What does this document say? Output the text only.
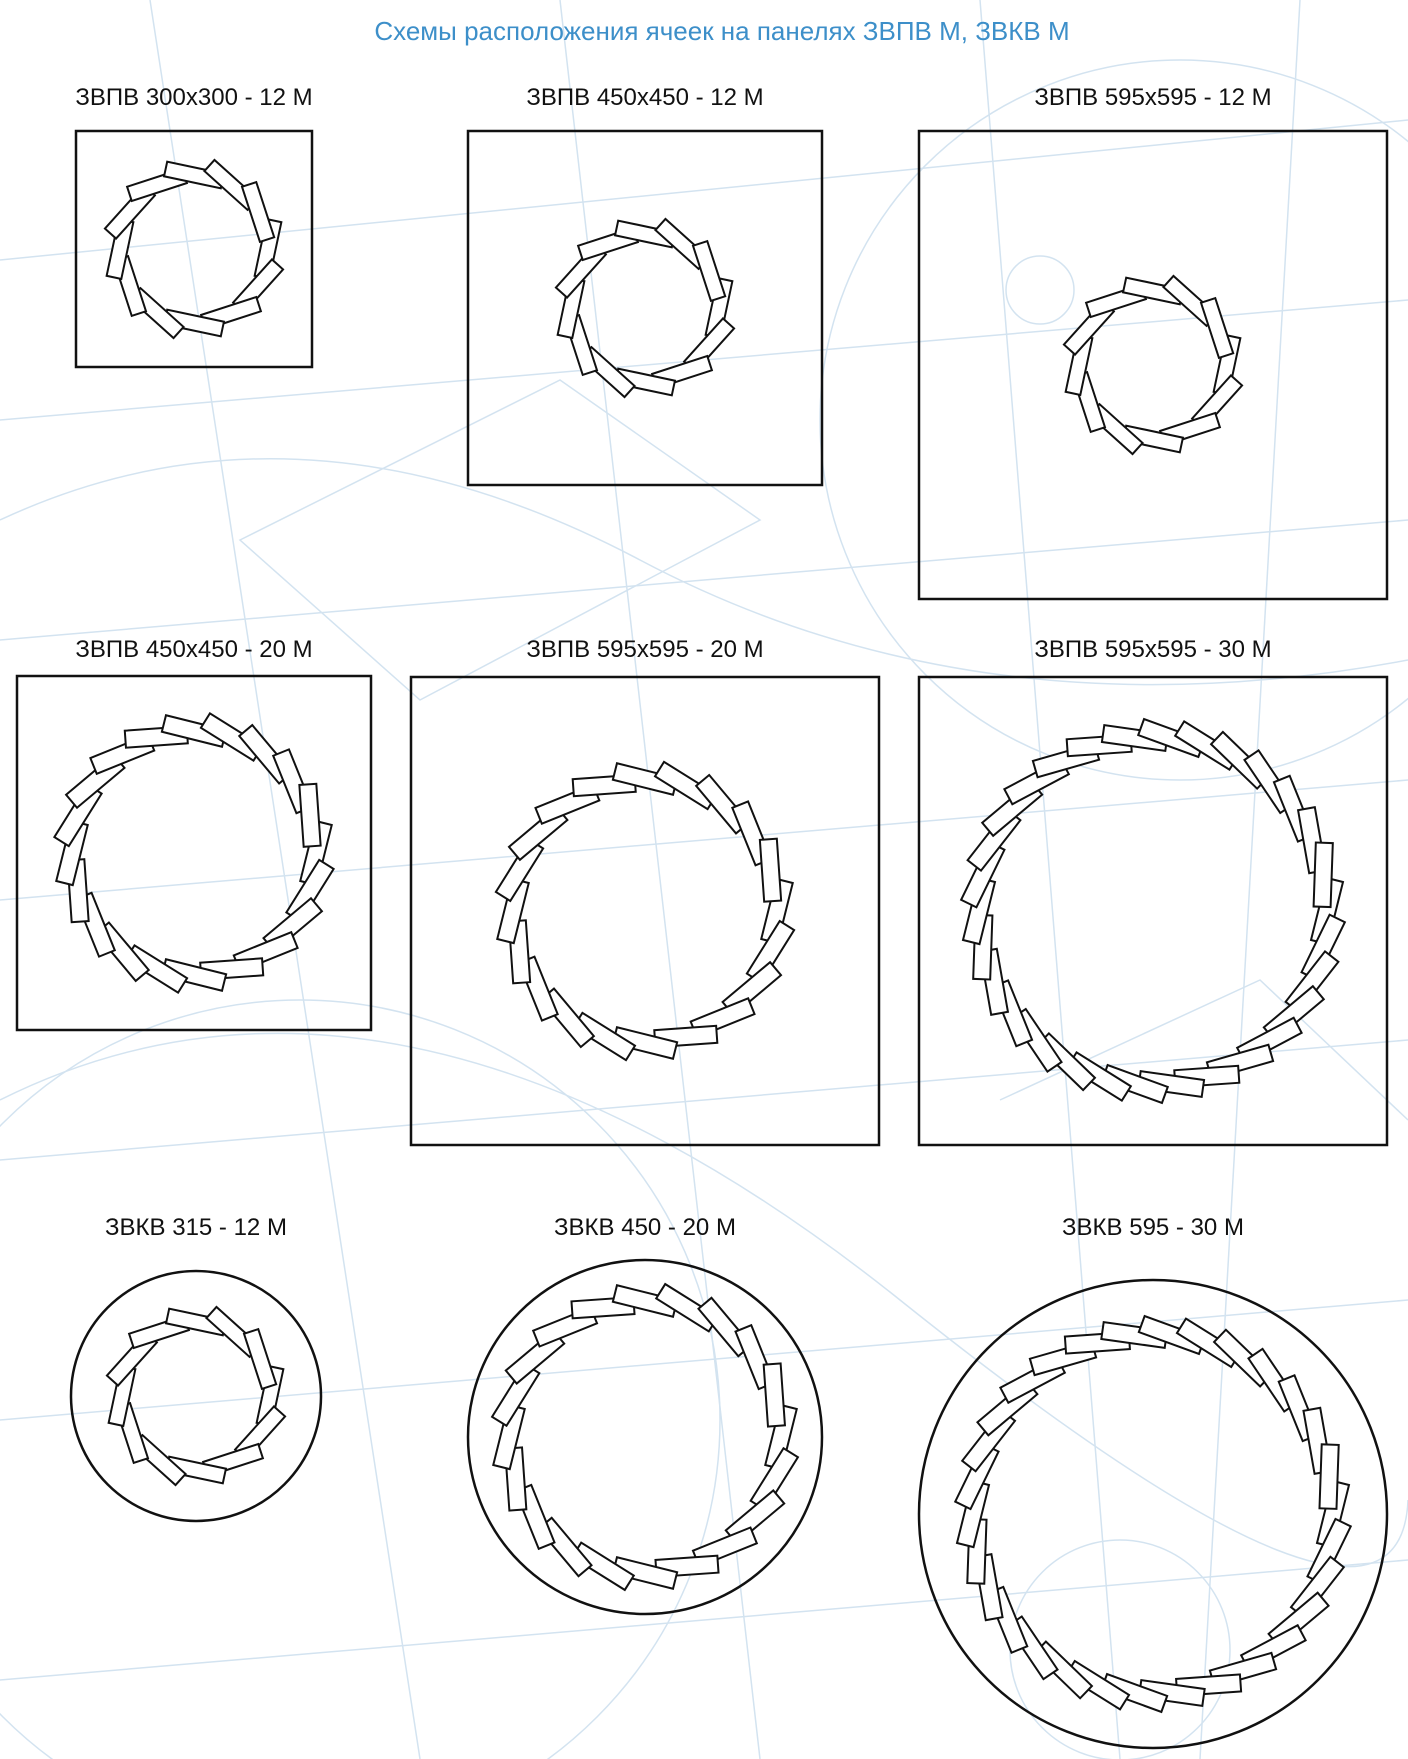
Схемы расположения ячеек на панелях ЗВПВ М, ЗВКВ М
ЗВПВ 300x300 - 12 М	ЗВПВ 450x450 - 12 М	ЗВПВ 595x595 - 12 М
ЗВПВ 450x450 - 20 М	ЗВПВ 595x595 - 20 М	ЗВПВ 595x595 - 30 М
ЗВКВ 315 - 12 М	ЗВКВ 450 - 20 М	ЗВКВ 595 - 30 М
